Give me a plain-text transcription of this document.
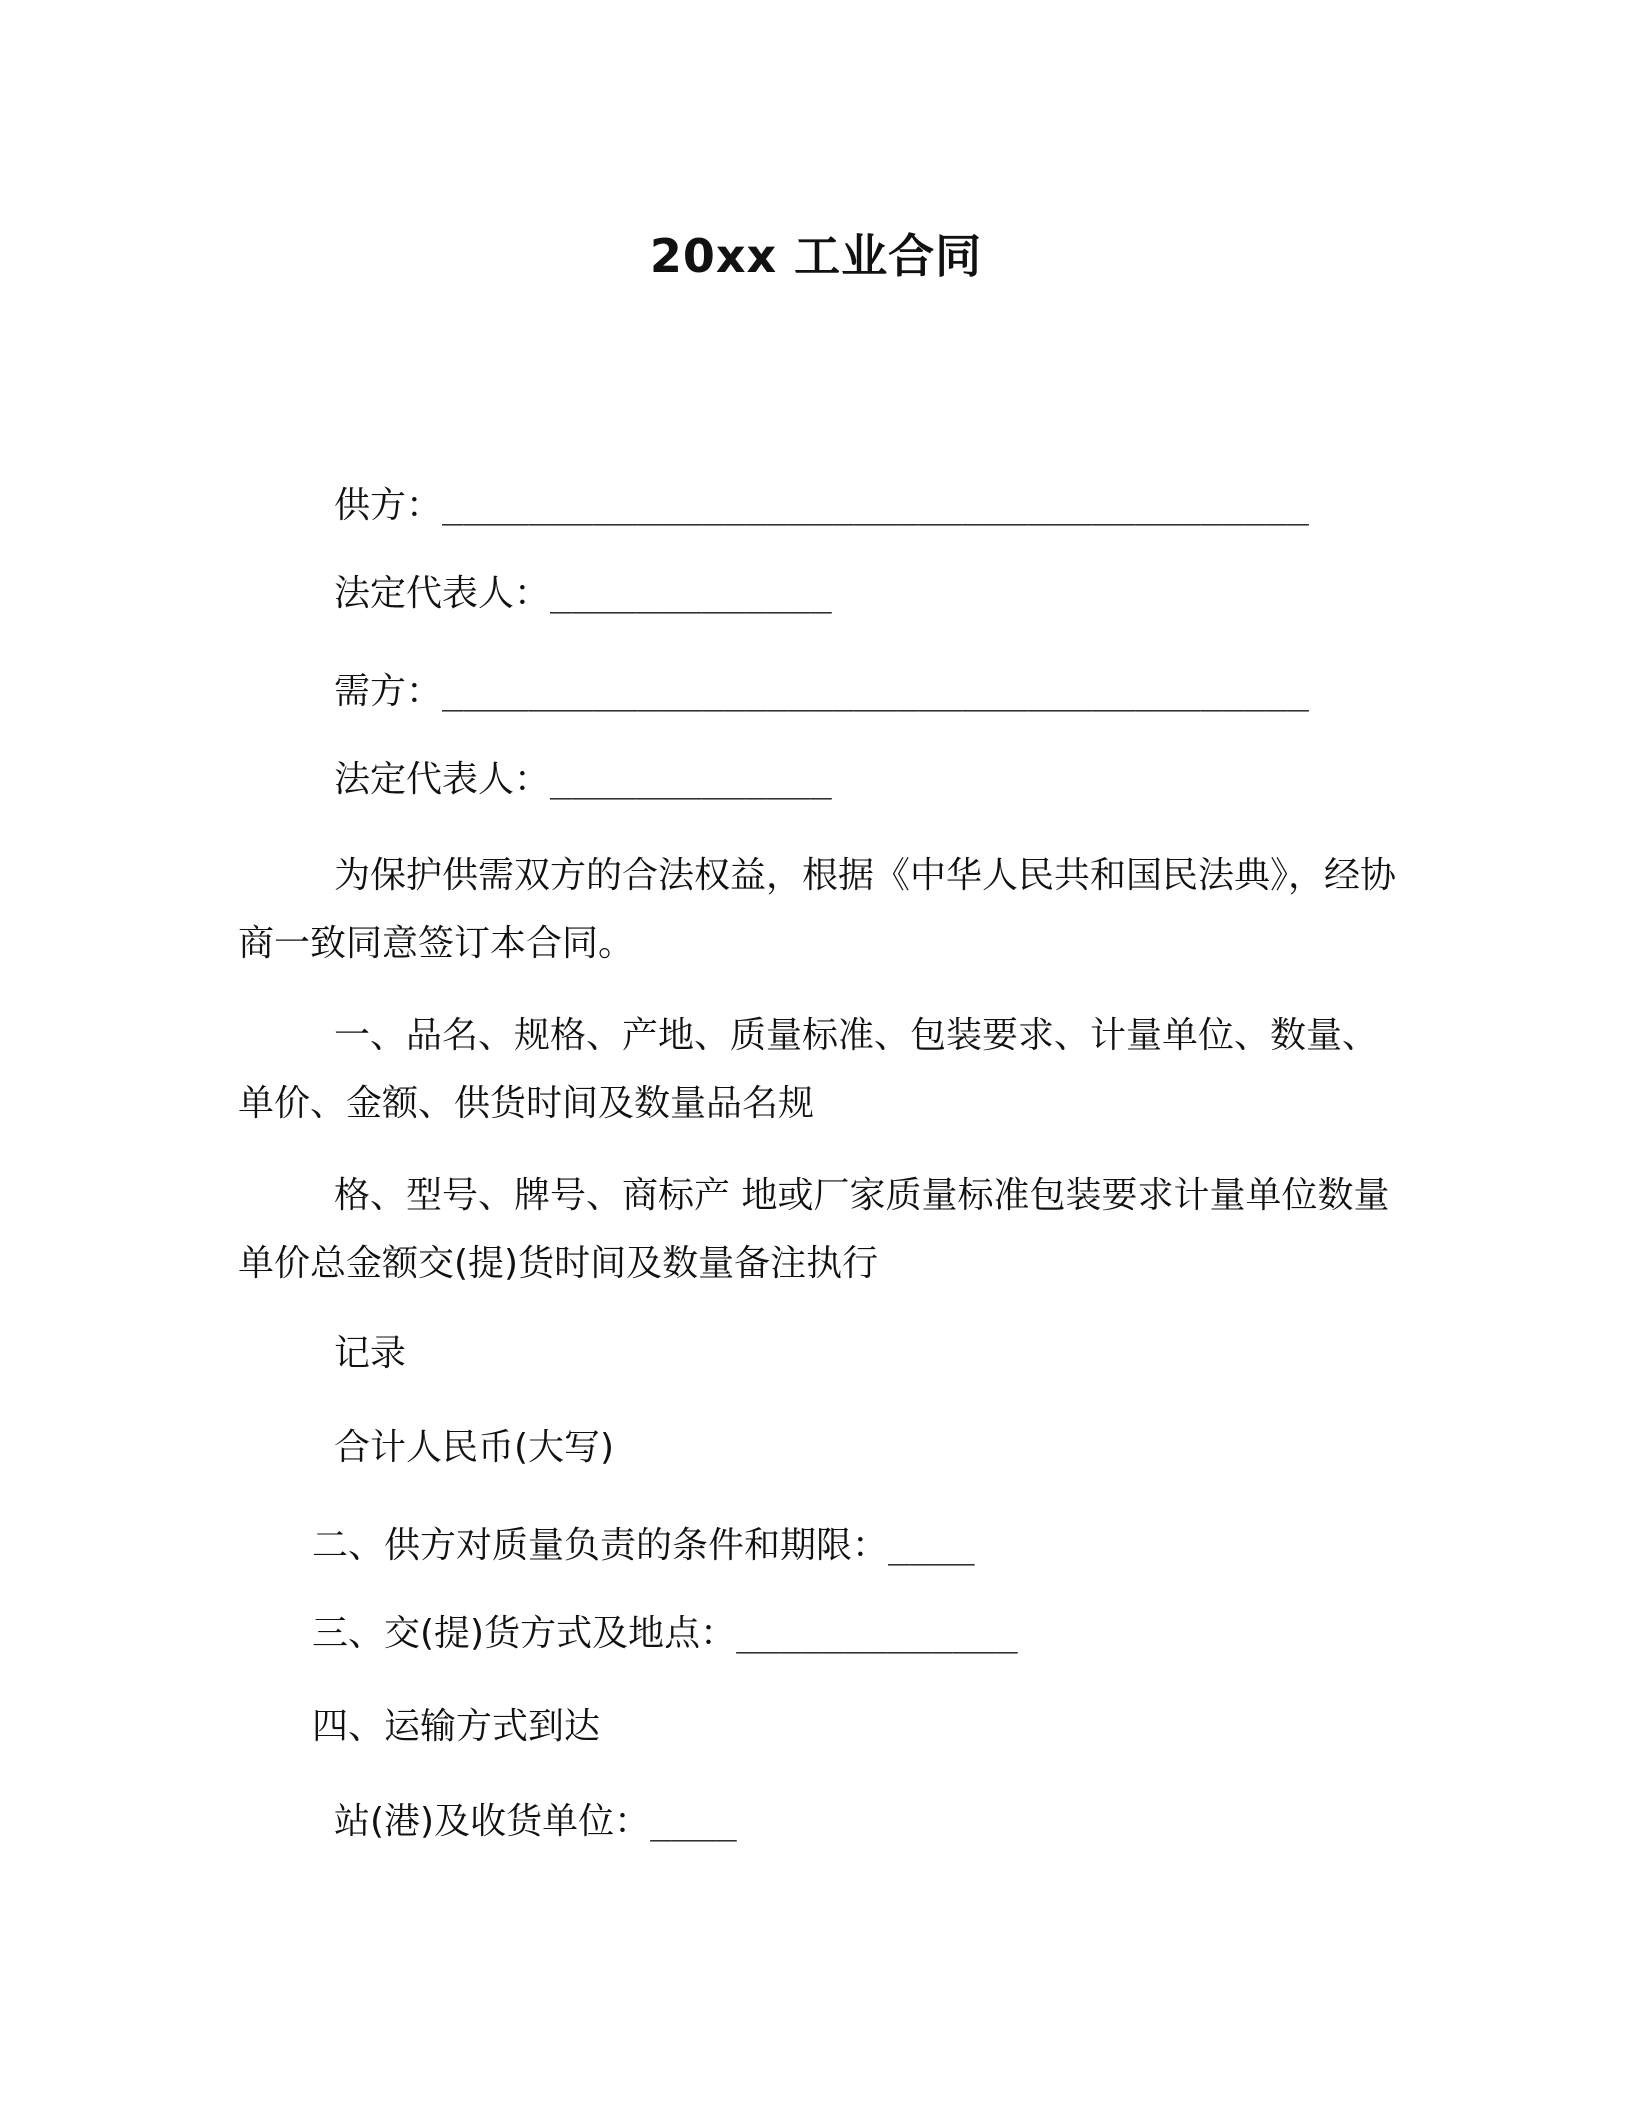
20xx 工业合同

供方：________________________________________

法定代表人：_____________

需方：________________________________________

法定代表人：_____________

为保护供需双方的合法权益，根据《中华人民共和国民法典》，经协商一致同意签订本合同。

一、品名、规格、产地、质量标准、包装要求、计量单位、数量、单价、金额、供货时间及数量品名规

格、型号、牌号、商标产 地或厂家质量标准包装要求计量单位数量单价总金额交(提)货时间及数量备注执行

记录

合计人民币(大写)

二、供方对质量负责的条件和期限：____

三、交(提)货方式及地点：_____________

四、运输方式到达

站(港)及收货单位：____
